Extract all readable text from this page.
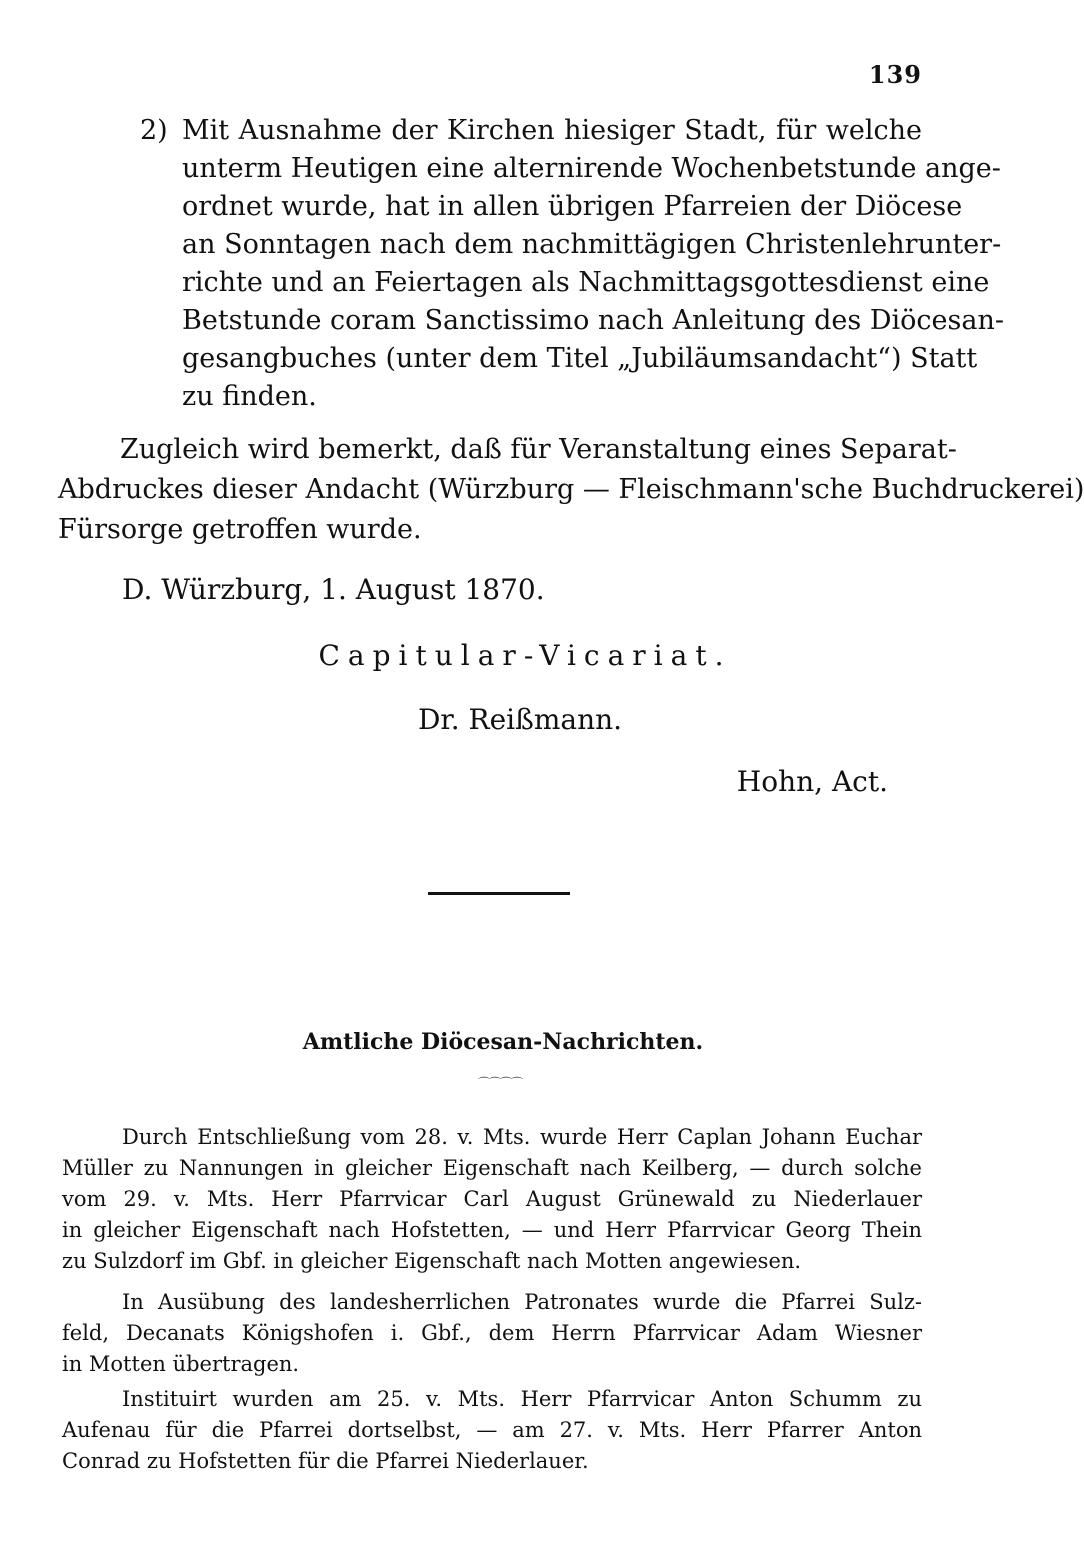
139
2) Mit Ausnahme der Kirchen hiesiger Stadt, für welche
unterm Heutigen eine alternirende Wochenbetstunde ange-
ordnet wurde, hat in allen übrigen Pfarreien der Diöcese
an Sonntagen nach dem nachmittägigen Christenlehrunter-
richte und an Feiertagen als Nachmittagsgottesdienst eine
Betstunde coram Sanctissimo nach Anleitung des Diöcesan-
gesangbuches (unter dem Titel „Jubiläumsandacht“) Statt
zu finden.
Zugleich wird bemerkt, daß für Veranstaltung eines Separat-
Abdruckes dieser Andacht (Würzburg — Fleischmann'sche Buchdruckerei)
Fürsorge getroffen wurde.
D. Würzburg, 1. August 1870.
Capitular-Vicariat.
Dr. Reißmann.
Hohn, Act.
Amtliche Diöcesan-Nachrichten.
⌒⌒⌒⌒
Durch Entschließung vom 28. v. Mts. wurde Herr Caplan Johann Euchar
Müller zu Nannungen in gleicher Eigenschaft nach Keilberg, — durch solche
vom 29. v. Mts. Herr Pfarrvicar Carl August Grünewald zu Niederlauer
in gleicher Eigenschaft nach Hofstetten, — und Herr Pfarrvicar Georg Thein
zu Sulzdorf im Gbf. in gleicher Eigenschaft nach Motten angewiesen.
In Ausübung des landesherrlichen Patronates wurde die Pfarrei Sulz-
feld, Decanats Königshofen i. Gbf., dem Herrn Pfarrvicar Adam Wiesner
in Motten übertragen.
Instituirt wurden am 25. v. Mts. Herr Pfarrvicar Anton Schumm zu
Aufenau für die Pfarrei dortselbst, — am 27. v. Mts. Herr Pfarrer Anton
Conrad zu Hofstetten für die Pfarrei Niederlauer.
